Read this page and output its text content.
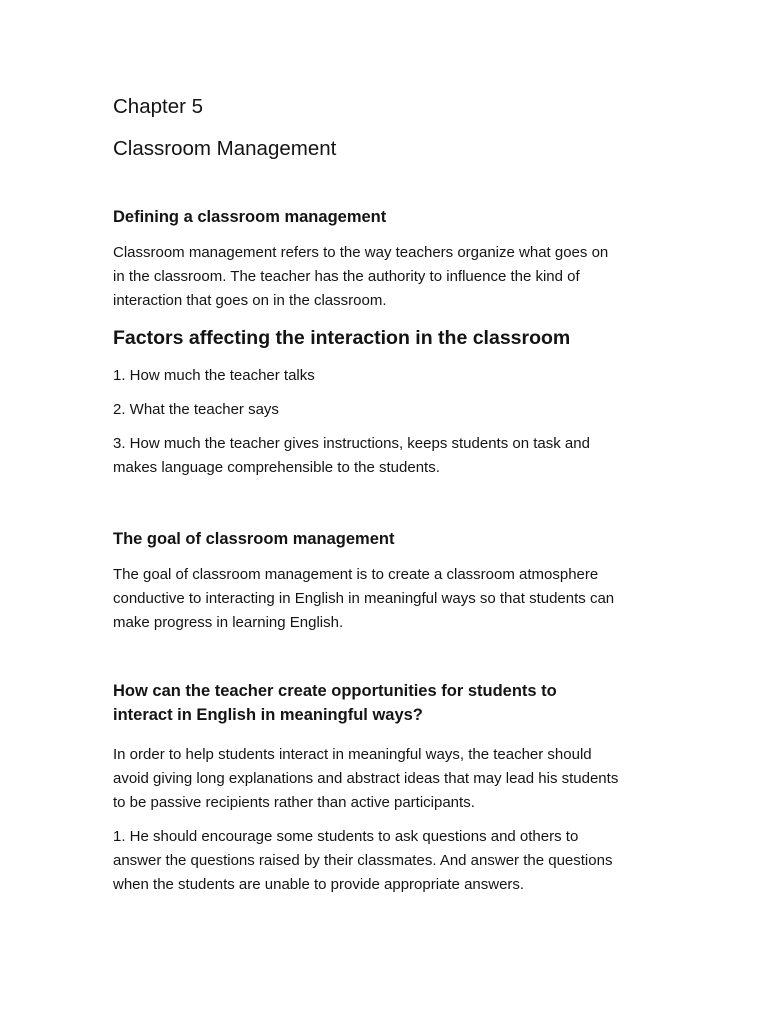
Chapter 5
Classroom Management
Defining a classroom management

Classroom management refers to the way teachers organize what goes on
in the classroom. The teacher has the authority to influence the kind of
interaction that goes on in the classroom.

Factors affecting the interaction in the classroom

1. How much the teacher talks

2. What the teacher says

3. How much the teacher gives instructions, keeps students on task and
makes language comprehensible to the students.

The goal of classroom management

The goal of classroom management is to create a classroom atmosphere
conductive to interacting in English in meaningful ways so that students can
make progress in learning English.

How can the teacher create opportunities for students to
interact in English in meaningful ways?

In order to help students interact in meaningful ways, the teacher should
avoid giving long explanations and abstract ideas that may lead his students
to be passive recipients rather than active participants.

1. He should encourage some students to ask questions and others to
answer the questions raised by their classmates. And answer the questions
when the students are unable to provide appropriate answers.
